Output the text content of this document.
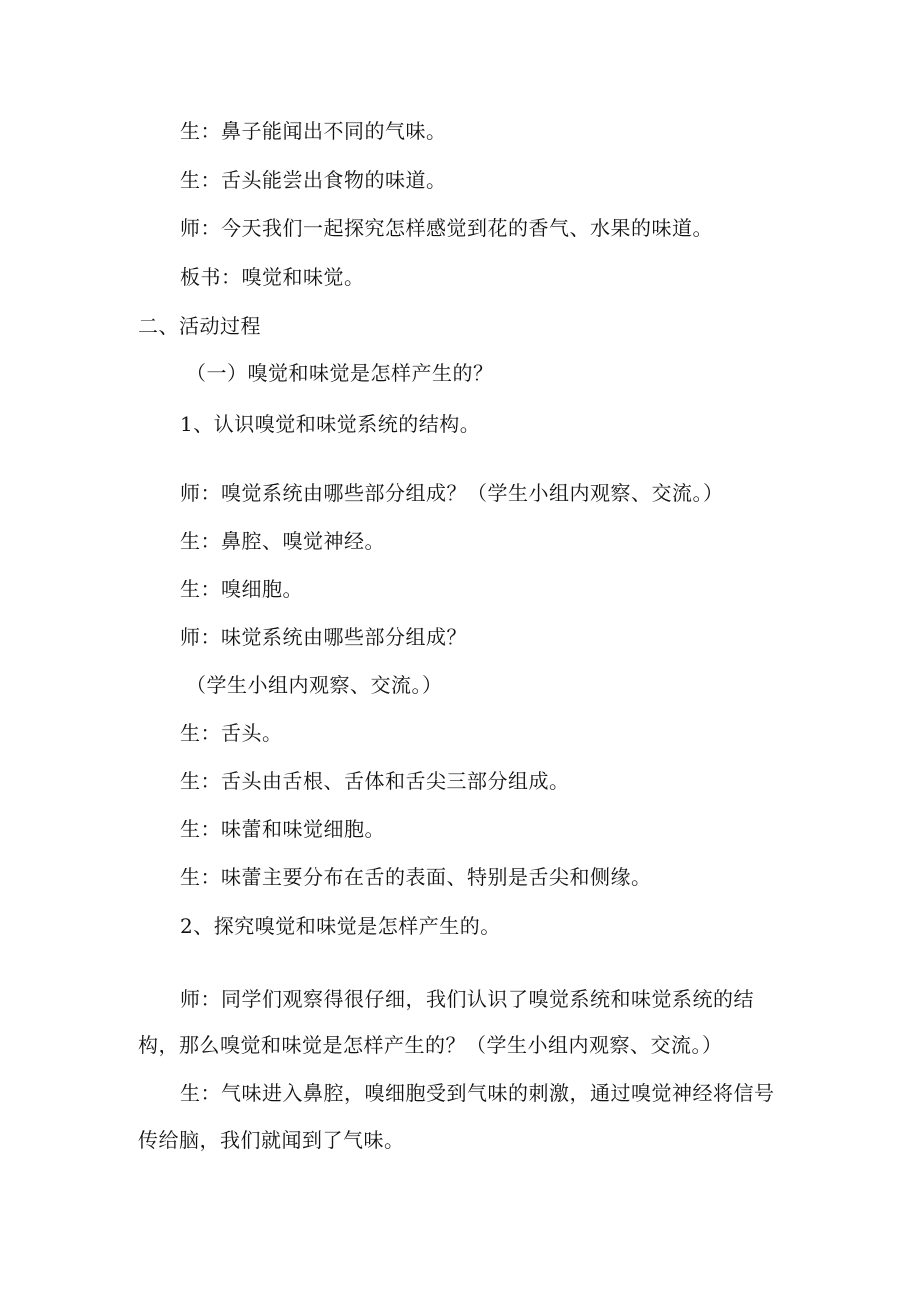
生：鼻子能闻出不同的气味。
生：舌头能尝出食物的味道。
师：今天我们一起探究怎样感觉到花的香气、水果的味道。
板书：嗅觉和味觉。
二、活动过程
（一）嗅觉和味觉是怎样产生的？
1、认识嗅觉和味觉系统的结构。
师：嗅觉系统由哪些部分组成？（学生小组内观察、交流。）
生：鼻腔、嗅觉神经。
生：嗅细胞。
师：味觉系统由哪些部分组成？
（学生小组内观察、交流。）
生：舌头。
生：舌头由舌根、舌体和舌尖三部分组成。
生：味蕾和味觉细胞。
生：味蕾主要分布在舌的表面、特别是舌尖和侧缘。
2、探究嗅觉和味觉是怎样产生的。
师：同学们观察得很仔细，我们认识了嗅觉系统和味觉系统的结
构，那么嗅觉和味觉是怎样产生的？（学生小组内观察、交流。）
生：气味进入鼻腔，嗅细胞受到气味的刺激，通过嗅觉神经将信号
传给脑，我们就闻到了气味。
